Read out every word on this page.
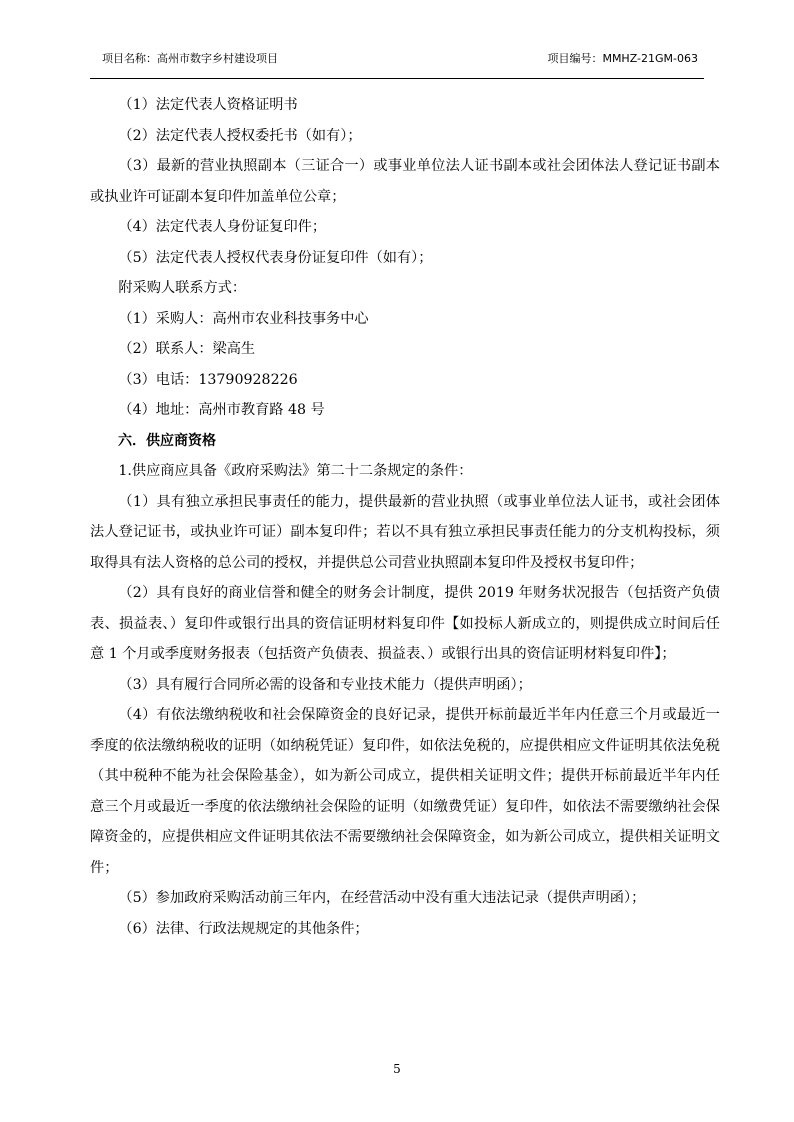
项目名称：高州市数字乡村建设项目	项目编号：MMHZ-21GM-063

（1）法定代表人资格证明书

（2）法定代表人授权委托书（如有）；

（3）最新的营业执照副本（三证合一）或事业单位法人证书副本或社会团体法人登记证书副本或执业许可证副本复印件加盖单位公章；

（4）法定代表人身份证复印件；

（5）法定代表人授权代表身份证复印件（如有）；

附采购人联系方式：

（1）采购人：高州市农业科技事务中心

（2）联系人：梁高生

（3）电话：13790928226

（4）地址：高州市教育路 48 号

六．供应商资格

1.供应商应具备《政府采购法》第二十二条规定的条件：

（1）具有独立承担民事责任的能力，提供最新的营业执照（或事业单位法人证书，或社会团体法人登记证书，或执业许可证）副本复印件；若以不具有独立承担民事责任能力的分支机构投标，须取得具有法人资格的总公司的授权，并提供总公司营业执照副本复印件及授权书复印件；

（2）具有良好的商业信誉和健全的财务会计制度，提供 2019 年财务状况报告（包括资产负债表、损益表、）复印件或银行出具的资信证明材料复印件【如投标人新成立的，则提供成立时间后任意 1 个月或季度财务报表（包括资产负债表、损益表、）或银行出具的资信证明材料复印件】；

（3）具有履行合同所必需的设备和专业技术能力（提供声明函）；

（4）有依法缴纳税收和社会保障资金的良好记录，提供开标前最近半年内任意三个月或最近一季度的依法缴纳税收的证明（如纳税凭证）复印件，如依法免税的，应提供相应文件证明其依法免税（其中税种不能为社会保险基金），如为新公司成立，提供相关证明文件；提供开标前最近半年内任意三个月或最近一季度的依法缴纳社会保险的证明（如缴费凭证）复印件，如依法不需要缴纳社会保障资金的，应提供相应文件证明其依法不需要缴纳社会保障资金，如为新公司成立，提供相关证明文件；

（5）参加政府采购活动前三年内，在经营活动中没有重大违法记录（提供声明函）；

（6）法律、行政法规规定的其他条件；

5
